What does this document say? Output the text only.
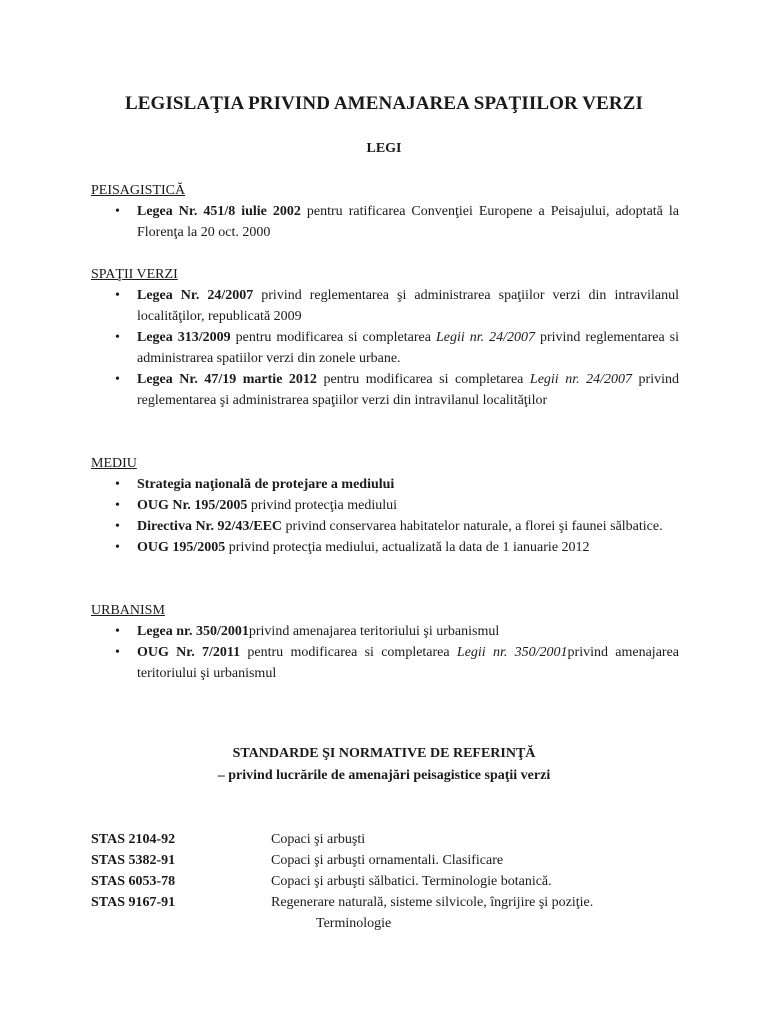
LEGISLAŢIA PRIVIND AMENAJAREA SPAŢIILOR VERZI
LEGI
PEISAGISTICĂ
• Legea Nr. 451/8 iulie 2002 pentru ratificarea Convenţiei Europene a Peisajului, adoptată la Florenţa la 20 oct. 2000
SPAŢII VERZI
• Legea Nr. 24/2007 privind reglementarea şi administrarea spaţiilor verzi din intravilanul localităţilor, republicată 2009
• Legea 313/2009 pentru modificarea si completarea Legii nr. 24/2007 privind reglementarea si administrarea spatiilor verzi din zonele urbane.
• Legea Nr. 47/19 martie 2012 pentru modificarea si completarea Legii nr. 24/2007 privind reglementarea şi administrarea spaţiilor verzi din intravilanul localităţilor
MEDIU
• Strategia naţională de protejare a mediului
• OUG Nr. 195/2005 privind protecţia mediului
• Directiva Nr. 92/43/EEC privind conservarea habitatelor naturale, a florei şi faunei sălbatice.
• OUG 195/2005 privind protecţia mediului, actualizată la data de 1 ianuarie 2012
URBANISM
• Legea nr. 350/2001privind amenajarea teritoriului şi urbanismul
• OUG Nr. 7/2011 pentru modificarea si completarea Legii nr. 350/2001privind amenajarea teritoriului şi urbanismul
STANDARDE ŞI NORMATIVE DE REFERINŢĂ
– privind lucrările de amenajări peisagistice spaţii verzi
STAS 2104-92	Copaci şi arbuşti
STAS 5382-91	Copaci şi arbuşti ornamentali. Clasificare
STAS 6053-78	Copaci şi arbuşti sălbatici. Terminologie botanică.
STAS 9167-91	Regenerare naturală, sisteme silvicole, îngrijire şi poziţie.
Terminologie
